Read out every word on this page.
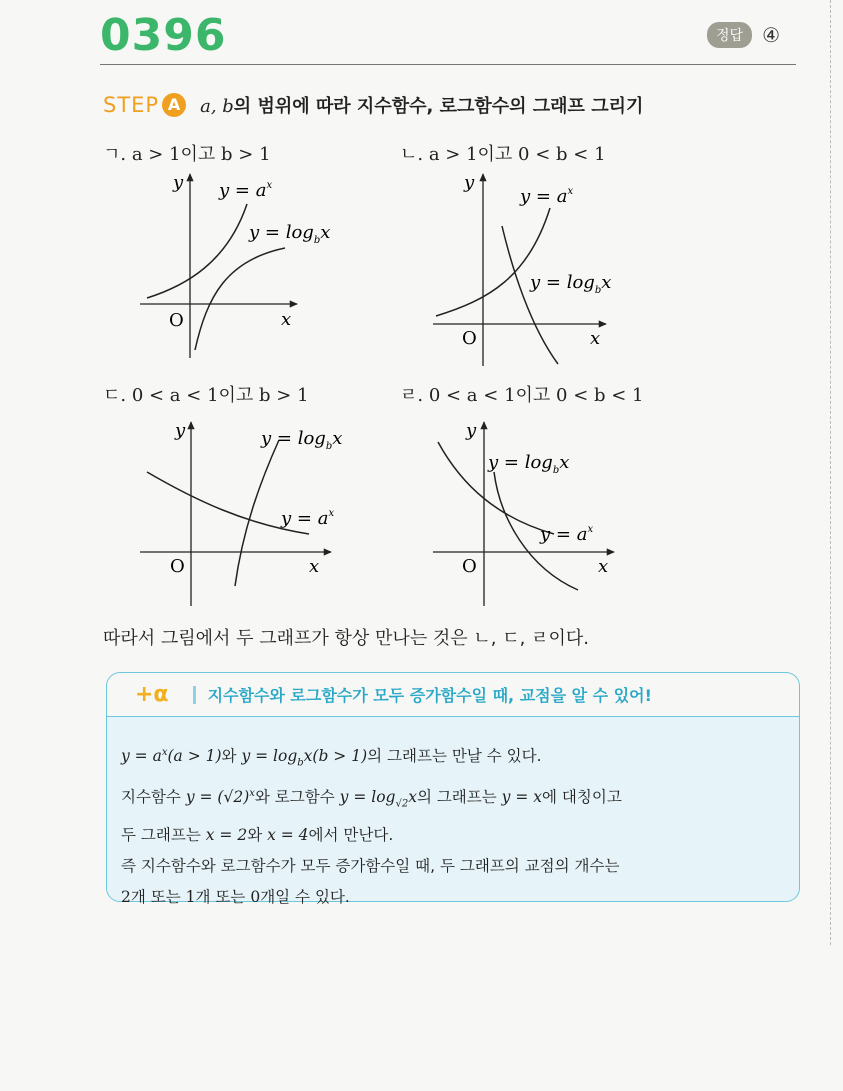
0396	정답 ④
STEP A	a, b의 범위에 따라 지수함수, 로그함수의 그래프 그리기
ㄱ. a > 1이고 b > 1	ㄴ. a > 1이고 0 < b < 1
ㄷ. 0 < a < 1이고 b > 1	ㄹ. 0 < a < 1이고 0 < b < 1
y
x
O
$y = a^x$
$y = \log_bx$
y
x
O
$y = a^x$
$y = \log_bx$
y
x
O
$y = a^x$
$y = \log_bx$	y
x
O
$y = a^x$
$y = \log_bx$
따라서 그림에서 두 그래프가 항상 만나는 것은 ㄴ, ㄷ, ㄹ이다.
+α 지수함수와 로그함수가 모두 증가함수일 때, 교점을 알 수 있어!
$y = a^x(a > 1)$와 $y = \log_bx(b > 1)$의 그래프는 만날 수 있다.
지수함수 $y = (√2)^x$와 로그함수 $y = \log_{√2}x$의 그래프는 y = x에 대칭이고
두 그래프는 x = 2와 x = 4에서 만난다.
즉 지수함수와 로그함수가 모두 증가함수일 때, 두 그래프의 교점의 개수는
2개 또는 1개 또는 0개일 수 있다.
